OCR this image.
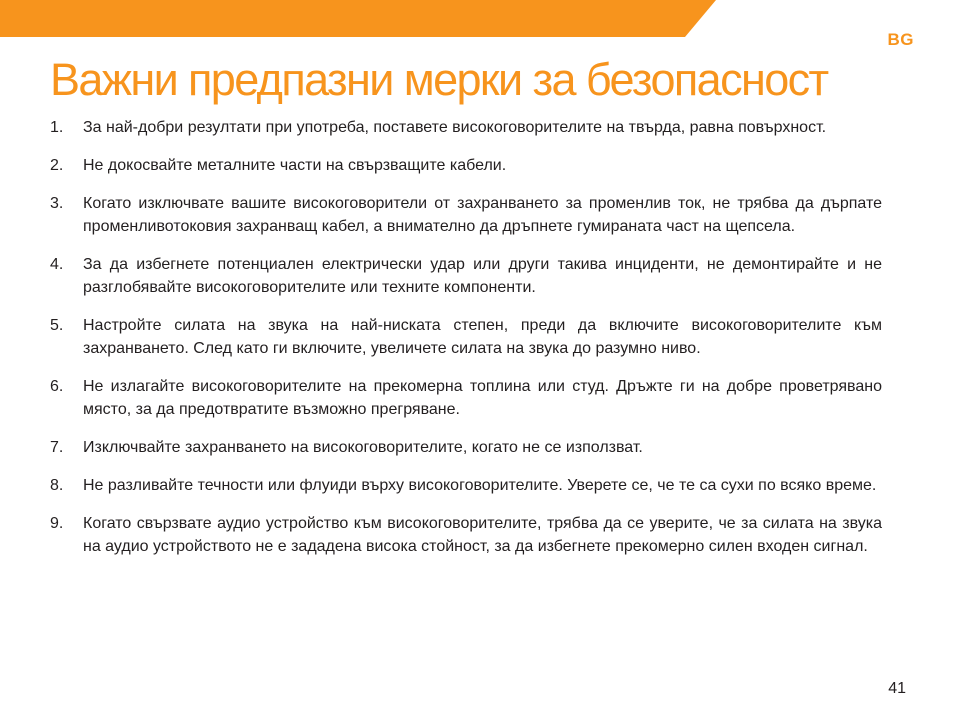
BG
Важни предпазни мерки за безопасност
1.	За най-добри резултати при употреба, поставете високоговорителите на твърда, равна повърхност.
2.	Не докосвайте металните части на свързващите кабели.
3.	Когато изключвате вашите високоговорители от захранването за променлив ток, не трябва да дърпате променливотоковия захранващ кабел, а внимателно да дръпнете гумираната част на щепсела.
4.	За да избегнете потенциален електрически удар или други такива инциденти, не демонтирайте и не разглобявайте високоговорителите или техните компоненти.
5.	Настройте силата на звука на най-ниската степен, преди да включите високоговорителите към захранването. След като ги включите, увеличете силата на звука до разумно ниво.
6.	Не излагайте високоговорителите на прекомерна топлина или студ. Дръжте ги на добре проветрявано място, за да предотвратите възможно прегряване.
7.	Изключвайте захранването на високоговорителите, когато не се използват.
8.	Не разливайте течности или флуиди върху високоговорителите. Уверете се, че те са сухи по всяко време.
9.	Когато свързвате аудио устройство към високоговорителите, трябва да се уверите, че за силата на звука на аудио устройството не е зададена висока стойност, за да избегнете прекомерно силен входен сигнал.
41
